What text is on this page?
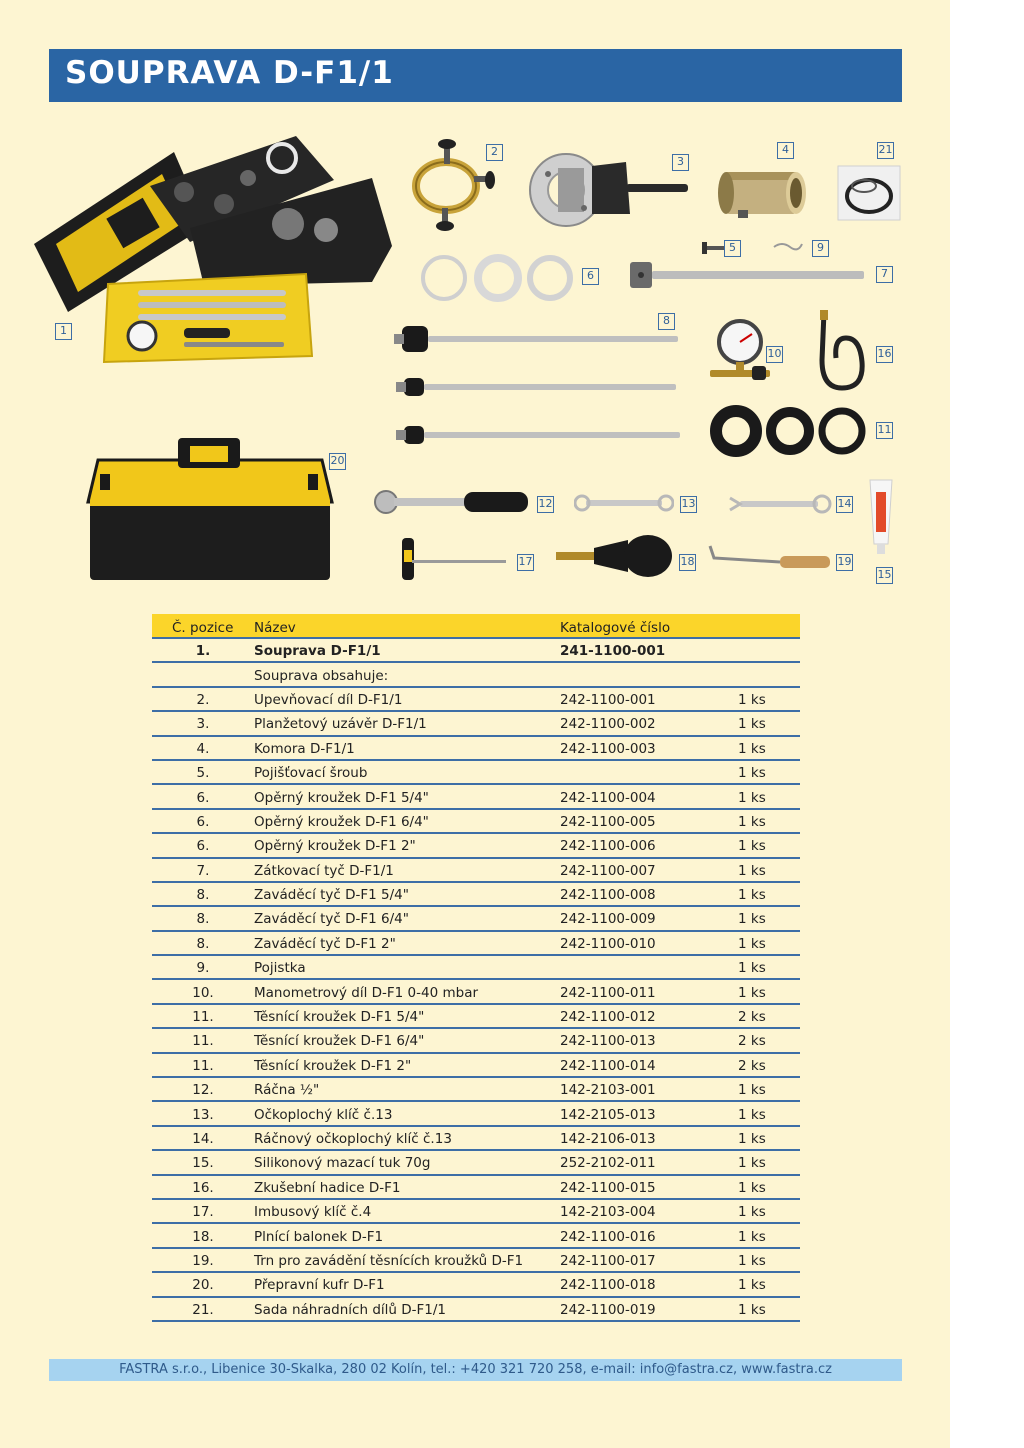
SOUPRAVA D-F1/1
1
2
3
4
5
6	7
8
9
10
11
12	13	14
15
16
17	18	19
20
21
Č. pozice	Název	Katalogové číslo	
1.	Souprava D-F1/1	241-1100-001	
	Souprava obsahuje:		
2.	Upevňovací díl D-F1/1	242-1100-001	1 ks
3.	Planžetový uzávěr D-F1/1	242-1100-002	1 ks
4.	Komora D-F1/1	242-1100-003	1 ks
5.	Pojišťovací šroub		1 ks
6.	Opěrný kroužek D-F1 5/4"	242-1100-004	1 ks
6.	Opěrný kroužek D-F1 6/4"	242-1100-005	1 ks
6.	Opěrný kroužek D-F1 2"	242-1100-006	1 ks
7.	Zátkovací tyč D-F1/1	242-1100-007	1 ks
8.	Zaváděcí tyč D-F1 5/4"	242-1100-008	1 ks
8.	Zaváděcí tyč D-F1 6/4"	242-1100-009	1 ks
8.	Zaváděcí tyč D-F1 2"	242-1100-010	1 ks
9.	Pojistka		1 ks
10.	Manometrový díl D-F1 0-40 mbar	242-1100-011	1 ks
11.	Těsnící kroužek D-F1 5/4"	242-1100-012	2 ks
11.	Těsnící kroužek D-F1 6/4"	242-1100-013	2 ks
11.	Těsnící kroužek D-F1 2"	242-1100-014	2 ks
12.	Ráčna ½"	142-2103-001	1 ks
13.	Očkoplochý klíč č.13	142-2105-013	1 ks
14.	Ráčnový očkoplochý klíč č.13	142-2106-013	1 ks
15.	Silikonový mazací tuk 70g	252-2102-011	1 ks
16.	Zkušební hadice D-F1	242-1100-015	1 ks
17.	Imbusový klíč č.4	142-2103-004	1 ks
18.	Plnící balonek D-F1	242-1100-016	1 ks
19.	Trn pro zavádění těsnících kroužků D-F1	242-1100-017	1 ks
20.	Přepravní kufr D-F1	242-1100-018	1 ks
21.	Sada náhradních dílů D-F1/1	242-1100-019	1 ks
FASTRA s.r.o., Libenice 30-Skalka, 280 02 Kolín, tel.: +420 321 720 258, e-mail: info@fastra.cz, www.fastra.cz
